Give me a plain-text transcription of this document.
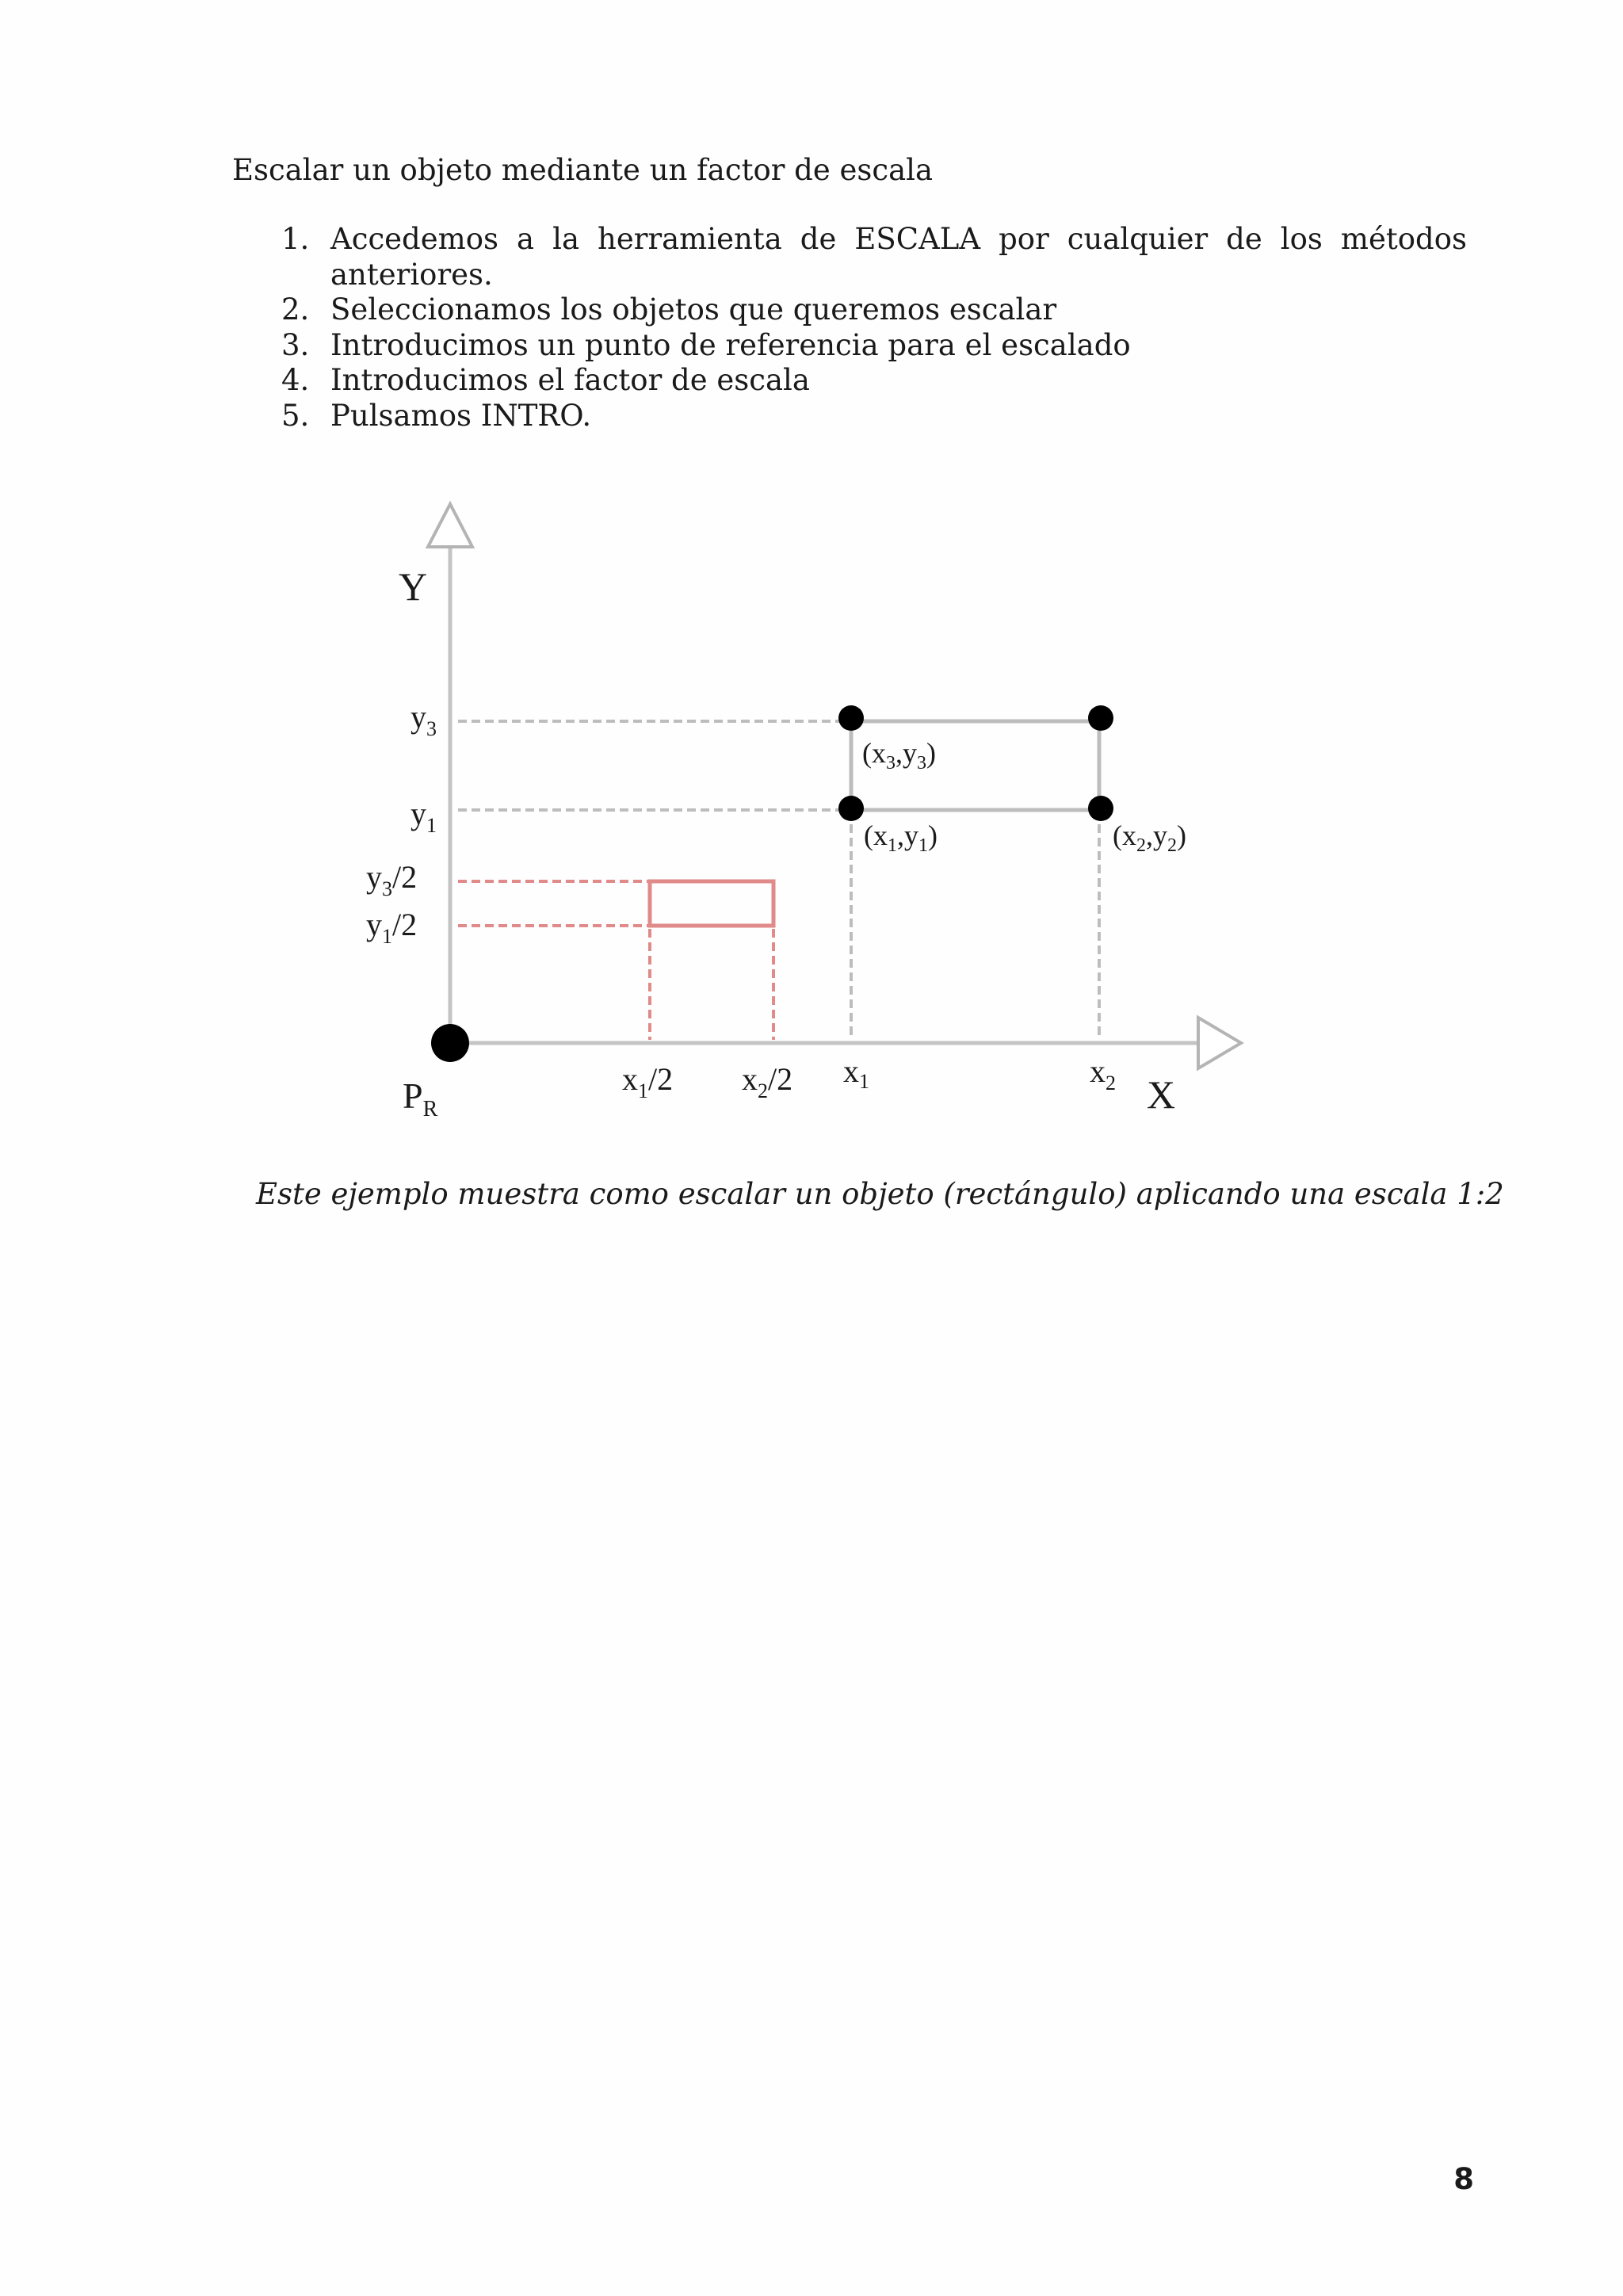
Escalar un objeto mediante un factor de escala
1. Accedemos a la herramienta de ESCALA por cualquier de los métodos anteriores.
2. Seleccionamos los objetos que queremos escalar
3. Introducimos un punto de referencia para el escalado
4. Introducimos el factor de escala
5. Pulsamos INTRO.
Y
X
$P_R$
$y_3$
$y_1$
$y_3/2$
$y_1/2$
$x_1/2$ $x_2/2$ $x_1$	$x_2$
$(x_3,y_3)$
$(x_1,y_1)$	$(x_2,y_2)$
Este ejemplo muestra como escalar un objeto (rectángulo) aplicando una escala 1:2
8
